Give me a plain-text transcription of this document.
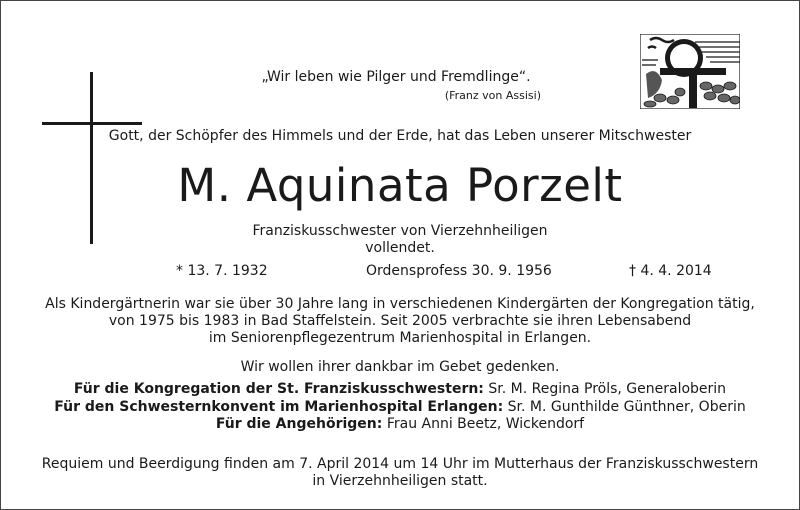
„Wir leben wie Pilger und Fremdlinge“.
(Franz von Assisi)
Gott, der Schöpfer des Himmels und der Erde, hat das Leben unserer Mitschwester
M. Aquinata Porzelt
Franziskusschwester von Vierzehnheiligen
vollendet.
* 13. 7. 1932	Ordensprofess 30. 9. 1956	† 4. 4. 2014
Als Kindergärtnerin war sie über 30 Jahre lang in verschiedenen Kindergärten der Kongregation tätig,
von 1975 bis 1983 in Bad Staffelstein. Seit 2005 verbrachte sie ihren Lebensabend
im Seniorenpflegezentrum Marienhospital in Erlangen.
Wir wollen ihrer dankbar im Gebet gedenken.
Für die Kongregation der St. Franziskusschwestern: Sr. M. Regina Pröls, Generaloberin
Für den Schwesternkonvent im Marienhospital Erlangen: Sr. M. Gunthilde Günthner, Oberin
Für die Angehörigen: Frau Anni Beetz, Wickendorf
Requiem und Beerdigung finden am 7. April 2014 um 14 Uhr im Mutterhaus der Franziskusschwestern
in Vierzehnheiligen statt.
